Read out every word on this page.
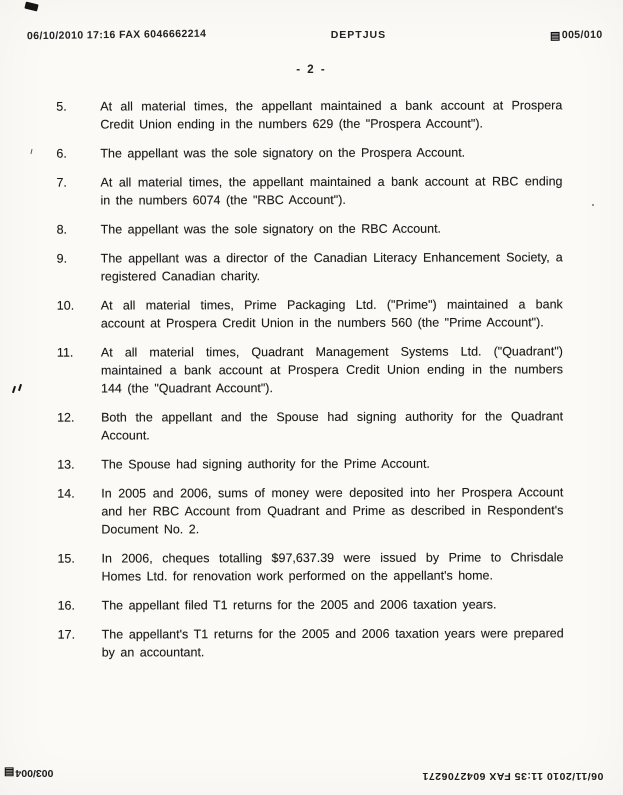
06/10/2010 17:16 FAX 6046662214	DEPTJUS	▤ 005/010
- 2 -
5.	At all material times, the appellant maintained a bank account at Prospera Credit Union ending in the numbers 629 (the "Prospera Account").
6.	The appellant was the sole signatory on the Prospera Account.
7.	At all material times, the appellant maintained a bank account at RBC ending in the numbers 6074 (the "RBC Account").
8.	The appellant was the sole signatory on the RBC Account.
9.	The appellant was a director of the Canadian Literacy Enhancement Society, a registered Canadian charity.
10.	At all material times, Prime Packaging Ltd. ("Prime") maintained a bank account at Prospera Credit Union in the numbers 560 (the "Prime Account").
11.	At all material times, Quadrant Management Systems Ltd. ("Quadrant") maintained a bank account at Prospera Credit Union ending in the numbers 144 (the "Quadrant Account").
12.	Both the appellant and the Spouse had signing authority for the Quadrant Account.
13.	The Spouse had signing authority for the Prime Account.
14.	In 2005 and 2006, sums of money were deposited into her Prospera Account and her RBC Account from Quadrant and Prime as described in Respondent's Document No. 2.
15.	In 2006, cheques totalling $97,637.39 were issued by Prime to Chrisdale Homes Ltd. for renovation work performed on the appellant's home.
16.	The appellant filed T1 returns for the 2005 and 2006 taxation years.
17.	The appellant's T1 returns for the 2005 and 2006 taxation years were prepared by an accountant.
003/004
▤	06/11/2010 11:35 FAX 6042706271
